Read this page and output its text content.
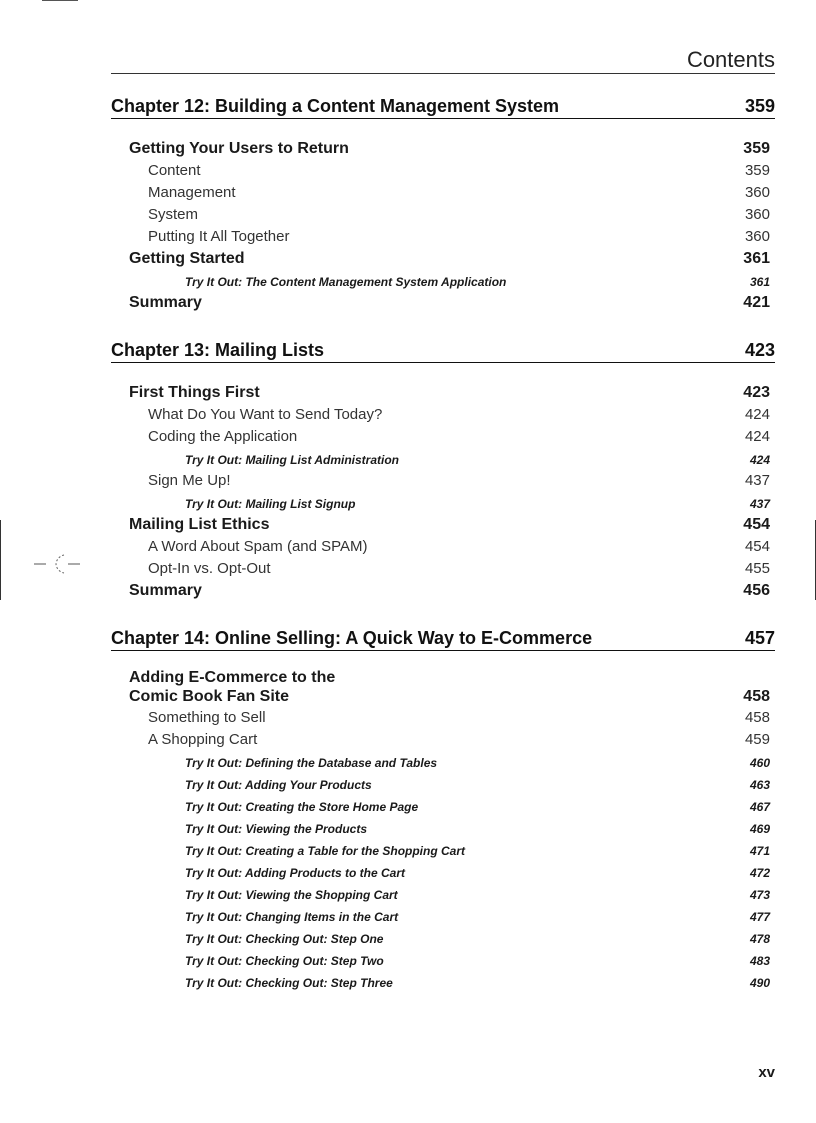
Contents
Chapter 12: Building a Content Management System	359
Getting Your Users to Return	359
Content	359
Management	360
System	360
Putting It All Together	360
Getting Started	361
Try It Out: The Content Management System Application	361
Summary	421
Chapter 13: Mailing Lists	423
First Things First	423
What Do You Want to Send Today?	424
Coding the Application	424
Try It Out: Mailing List Administration	424
Sign Me Up!	437
Try It Out: Mailing List Signup	437
Mailing List Ethics	454
A Word About Spam (and SPAM)	454
Opt-In vs. Opt-Out	455
Summary	456
Chapter 14: Online Selling: A Quick Way to E-Commerce	457
Adding E-Commerce to the
Comic Book Fan Site	458
Something to Sell	458
A Shopping Cart	459
Try It Out: Defining the Database and Tables	460
Try It Out: Adding Your Products	463
Try It Out: Creating the Store Home Page	467
Try It Out: Viewing the Products	469
Try It Out: Creating a Table for the Shopping Cart	471
Try It Out: Adding Products to the Cart	472
Try It Out: Viewing the Shopping Cart	473
Try It Out: Changing Items in the Cart	477
Try It Out: Checking Out: Step One	478
Try It Out: Checking Out: Step Two	483
Try It Out: Checking Out: Step Three	490
xv
